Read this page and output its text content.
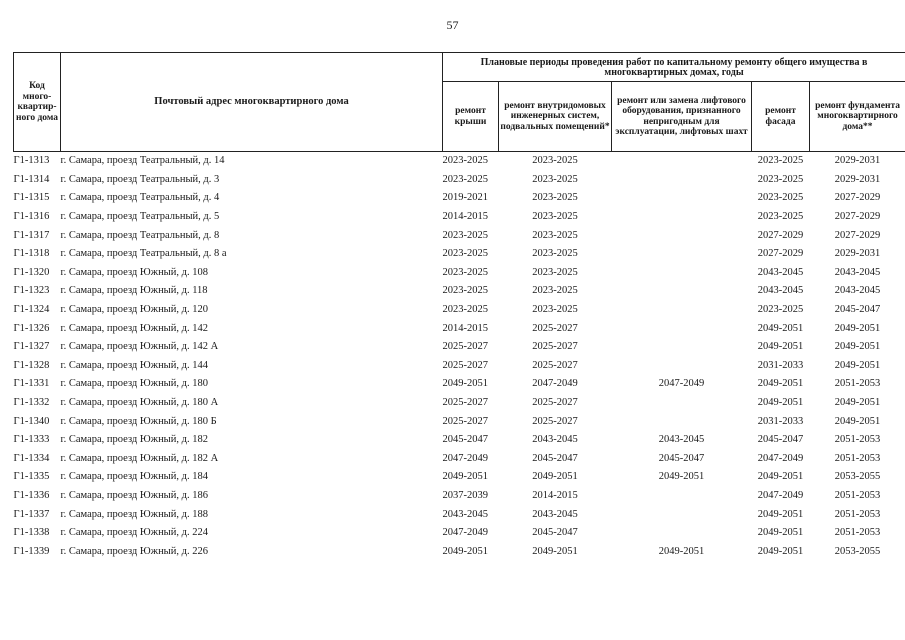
57
Код много-квартир-ного дома	Почтовый адрес многоквартирного дома	Плановые периоды проведения работ по капитальному ремонту общего имущества в многоквартирных домах, годы				
		ремонт крыши	ремонт внутридомовых инженерных систем, подвальных помещений*	ремонт или замена лифтового оборудования, признанного непригодным для эксплуатации, лифтовых шахт	ремонт фасада	ремонт фундамента многоквартирного дома**
Г1-1313	г. Самара, проезд Театральный, д. 14	2023-2025	2023-2025		2023-2025	2029-2031
Г1-1314	г. Самара, проезд Театральный, д. 3	2023-2025	2023-2025		2023-2025	2029-2031
Г1-1315	г. Самара, проезд Театральный, д. 4	2019-2021	2023-2025		2023-2025	2027-2029
Г1-1316	г. Самара, проезд Театральный, д. 5	2014-2015	2023-2025		2023-2025	2027-2029
Г1-1317	г. Самара, проезд Театральный, д. 8	2023-2025	2023-2025		2027-2029	2027-2029
Г1-1318	г. Самара, проезд Театральный, д. 8 а	2023-2025	2023-2025		2027-2029	2029-2031
Г1-1320	г. Самара, проезд Южный, д. 108	2023-2025	2023-2025		2043-2045	2043-2045
Г1-1323	г. Самара, проезд Южный, д. 118	2023-2025	2023-2025		2043-2045	2043-2045
Г1-1324	г. Самара, проезд Южный, д. 120	2023-2025	2023-2025		2023-2025	2045-2047
Г1-1326	г. Самара, проезд Южный, д. 142	2014-2015	2025-2027		2049-2051	2049-2051
Г1-1327	г. Самара, проезд Южный, д. 142 А	2025-2027	2025-2027		2049-2051	2049-2051
Г1-1328	г. Самара, проезд Южный, д. 144	2025-2027	2025-2027		2031-2033	2049-2051
Г1-1331	г. Самара, проезд Южный, д. 180	2049-2051	2047-2049	2047-2049	2049-2051	2051-2053
Г1-1332	г. Самара, проезд Южный, д. 180 А	2025-2027	2025-2027		2049-2051	2049-2051
Г1-1340	г. Самара, проезд Южный, д. 180 Б	2025-2027	2025-2027		2031-2033	2049-2051
Г1-1333	г. Самара, проезд Южный, д. 182	2045-2047	2043-2045	2043-2045	2045-2047	2051-2053
Г1-1334	г. Самара, проезд Южный, д. 182 А	2047-2049	2045-2047	2045-2047	2047-2049	2051-2053
Г1-1335	г. Самара, проезд Южный, д. 184	2049-2051	2049-2051	2049-2051	2049-2051	2053-2055
Г1-1336	г. Самара, проезд Южный, д. 186	2037-2039	2014-2015		2047-2049	2051-2053
Г1-1337	г. Самара, проезд Южный, д. 188	2043-2045	2043-2045		2049-2051	2051-2053
Г1-1338	г. Самара, проезд Южный, д. 224	2047-2049	2045-2047		2049-2051	2051-2053
Г1-1339	г. Самара, проезд Южный, д. 226	2049-2051	2049-2051	2049-2051	2049-2051	2053-2055
